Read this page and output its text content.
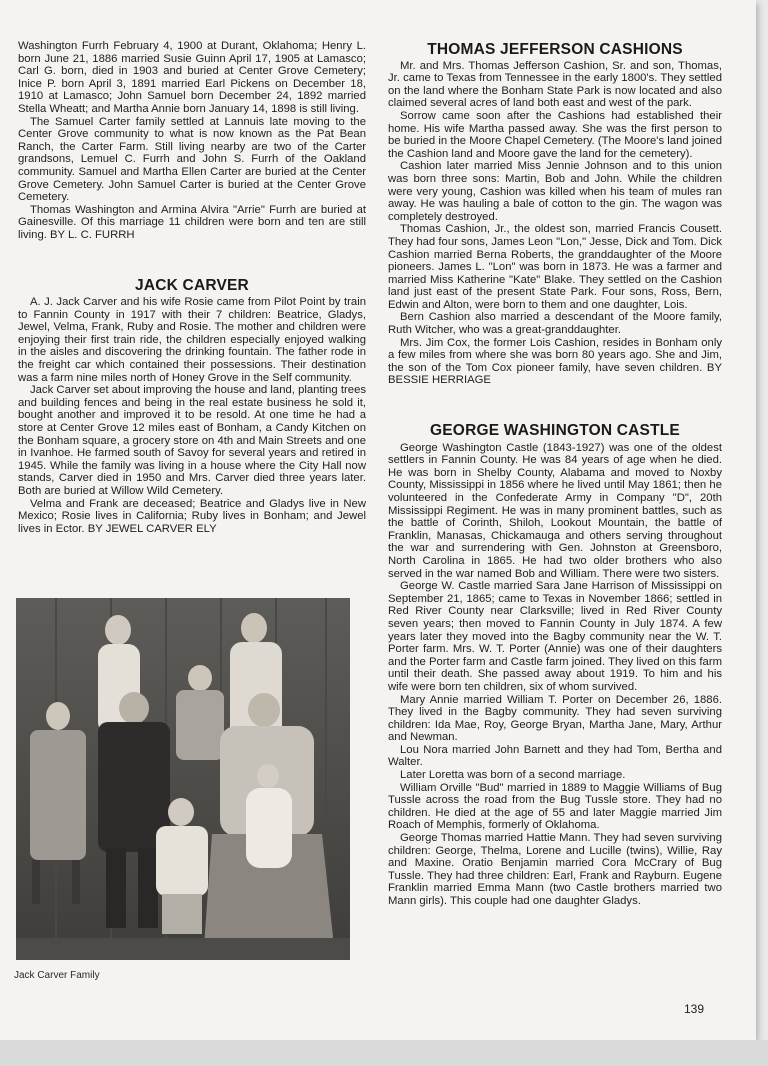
Washington Furrh February 4, 1900 at Durant, Oklahoma; Henry L. born June 21, 1886 married Susie Guinn April 17, 1905 at Lamasco; Carl G. born, died in 1903 and buried at Center Grove Cemetery; Inice P. born April 3, 1891 married Earl Pickens on December 18, 1910 at Lamasco; John Samuel born December 24, 1892 married Stella Wheatt; and Martha Annie born January 14, 1898 is still living.

The Samuel Carter family settled at Lannuis late moving to the Center Grove community to what is now known as the Pat Bean Ranch, the Carter Farm. Still living nearby are two of the Carter grandsons, Lemuel C. Furrh and John S. Furrh of the Oakland community. Samuel and Martha Ellen Carter are buried at the Center Grove Cemetery. John Samuel Carter is buried at the Center Grove Cemetery.

Thomas Washington and Armina Alvira "Arrie" Furrh are buried at Gainesville. Of this marriage 11 children were born and ten are still living. BY L. C. FURRH

JACK CARVER

A. J. Jack Carver and his wife Rosie came from Pilot Point by train to Fannin County in 1917 with their 7 children: Beatrice, Gladys, Jewel, Velma, Frank, Ruby and Rosie. The mother and children were enjoying their first train ride, the children especially enjoyed walking in the aisles and discovering the drinking fountain. The father rode in the freight car which contained their possessions. Their destination was a farm nine miles north of Honey Grove in the Self community.

Jack Carver set about improving the house and land, planting trees and building fences and being in the real estate business he sold it, bought another and improved it to be resold. At one time he had a store at Center Grove 12 miles east of Bonham, a Candy Kitchen on the Bonham square, a grocery store on 4th and Main Streets and one in Ivanhoe. He farmed south of Savoy for several years and retired in 1945. While the family was living in a house where the City Hall now stands, Carver died in 1950 and Mrs. Carver died three years later. Both are buried at Willow Wild Cemetery.

Velma and Frank are deceased; Beatrice and Gladys live in New Mexico; Rosie lives in California; Ruby lives in Bonham; and Jewel lives in Ector. BY JEWEL CARVER ELY

Jack Carver Family
THOMAS JEFFERSON CASHIONS

Mr. and Mrs. Thomas Jefferson Cashion, Sr. and son, Thomas, Jr. came to Texas from Tennessee in the early 1800's. They settled on the land where the Bonham State Park is now located and also claimed several acres of land both east and west of the park.

Sorrow came soon after the Cashions had established their home. His wife Martha passed away. She was the first person to be buried in the Moore Chapel Cemetery. (The Moore's land joined the Cashion land and Moore gave the land for the cemetery).

Cashion later married Miss Jennie Johnson and to this union was born three sons: Martin, Bob and John. While the children were very young, Cashion was killed when his team of mules ran away. He was hauling a bale of cotton to the gin. The wagon was completely destroyed.

Thomas Cashion, Jr., the oldest son, married Francis Cousett. They had four sons, James Leon "Lon," Jesse, Dick and Tom. Dick Cashion married Berna Roberts, the granddaughter of the Moore pioneers. James L. "Lon" was born in 1873. He was a farmer and married Miss Katherine "Kate" Blake. They settled on the Cashion land just east of the present State Park. Four sons, Ross, Bern, Edwin and Alton, were born to them and one daughter, Lois.

Bern Cashion also married a descendant of the Moore family, Ruth Witcher, who was a great-granddaughter.

Mrs. Jim Cox, the former Lois Cashion, resides in Bonham only a few miles from where she was born 80 years ago. She and Jim, the son of the Tom Cox pioneer family, have seven children. BY BESSIE HERRIAGE

GEORGE WASHINGTON CASTLE

George Washington Castle (1843-1927) was one of the oldest settlers in Fannin County. He was 84 years of age when he died. He was born in Shelby County, Alabama and moved to Noxby County, Mississippi in 1856 where he lived until May 1861; then he volunteered in the Confederate Army in Company "D", 20th Mississippi Regiment. He was in many prominent battles, such as the battle of Corinth, Shiloh, Lookout Mountain, the battle of Franklin, Manasas, Chickamauga and others serving throughout the war and surrendering with Gen. Johnston at Greensboro, North Carolina in 1865. He had two older brothers who also served in the war named Bob and William. There were two sisters.

George W. Castle married Sara Jane Harrison of Mississippi on September 21, 1865; came to Texas in November 1866; settled in Red River County near Clarksville; lived in Red River County seven years; then moved to Fannin County in July 1874. A few years later they moved into the Bagby community near the W. T. Porter farm. Mrs. W. T. Porter (Annie) was one of their daughters and the Porter farm and Castle farm joined. They lived on this farm until their death. She passed away about 1919. To him and his wife were born ten children, six of whom survived.

Mary Annie married William T. Porter on December 26, 1886. They lived in the Bagby community. They had seven surviving children: Ida Mae, Roy, George Bryan, Martha Jane, Mary, Arthur and Newman.

Lou Nora married John Barnett and they had Tom, Bertha and Walter.

Later Loretta was born of a second marriage.

William Orville "Bud" married in 1889 to Maggie Williams of Bug Tussle across the road from the Bug Tussle store. They had no children. He died at the age of 55 and later Maggie married Jim Roach of Memphis, formerly of Oklahoma.

George Thomas married Hattie Mann. They had seven surviving children: George, Thelma, Lorene and Lucille (twins), Willie, Ray and Maxine. Oratio Benjamin married Cora McCrary of Bug Tussle. They had three children: Earl, Frank and Rayburn. Eugene Franklin married Emma Mann (two Castle brothers married two Mann girls). This couple had one daughter Gladys.

139
